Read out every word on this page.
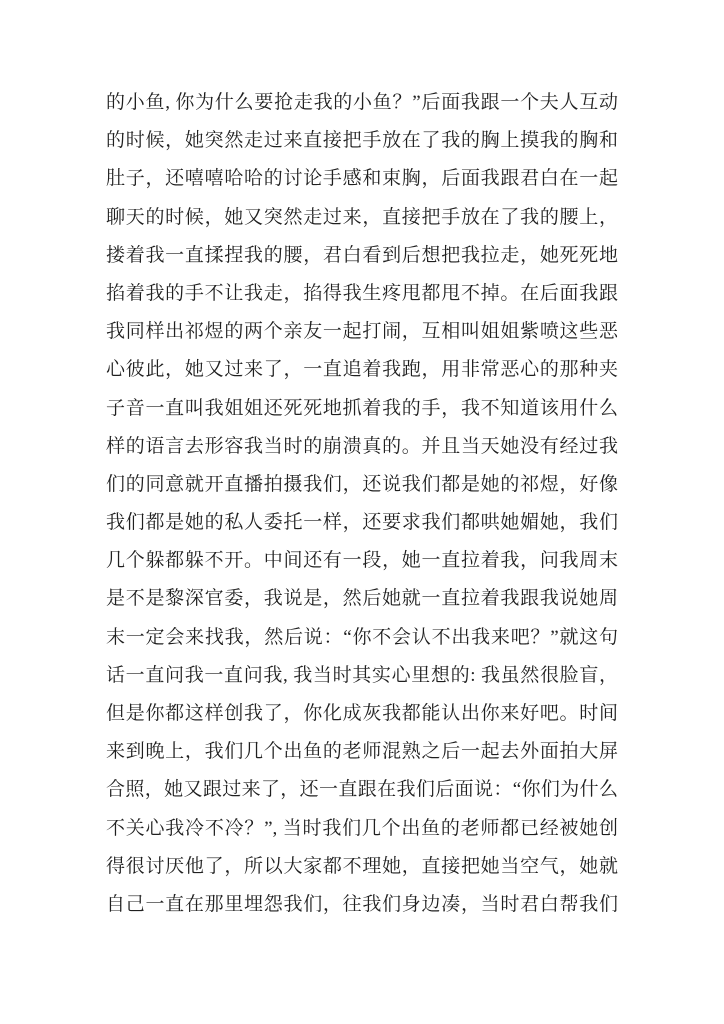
的小鱼, 你为什么要抢走我的小鱼？”后面我跟一个夫人互动
的时候，她突然走过来直接把手放在了我的胸上摸我的胸和
肚子，还嘻嘻哈哈的讨论手感和束胸，后面我跟君白在一起
聊天的时候，她又突然走过来，直接把手放在了我的腰上，
搂着我一直揉捏我的腰，君白看到后想把我拉走，她死死地
掐着我的手不让我走，掐得我生疼甩都甩不掉。在后面我跟
我同样出祁煜的两个亲友一起打闹，互相叫姐姐紫喷这些恶
心彼此，她又过来了，一直追着我跑，用非常恶心的那种夹
子音一直叫我姐姐还死死地抓着我的手，我不知道该用什么
样的语言去形容我当时的崩溃真的。并且当天她没有经过我
们的同意就开直播拍摄我们，还说我们都是她的祁煜，好像
我们都是她的私人委托一样，还要求我们都哄她媚她，我们
几个躲都躲不开。中间还有一段，她一直拉着我，问我周末
是不是黎深官委，我说是，然后她就一直拉着我跟我说她周
末一定会来找我，然后说：“你不会认不出我来吧？”就这句
话一直问我一直问我, 我当时其实心里想的: 我虽然很脸盲，
但是你都这样创我了，你化成灰我都能认出你来好吧。时间
来到晚上，我们几个出鱼的老师混熟之后一起去外面拍大屏
合照，她又跟过来了，还一直跟在我们后面说：“你们为什么
不关心我冷不冷？”, 当时我们几个出鱼的老师都已经被她创
得很讨厌他了，所以大家都不理她，直接把她当空气，她就
自己一直在那里埋怨我们，往我们身边凑，当时君白帮我们
